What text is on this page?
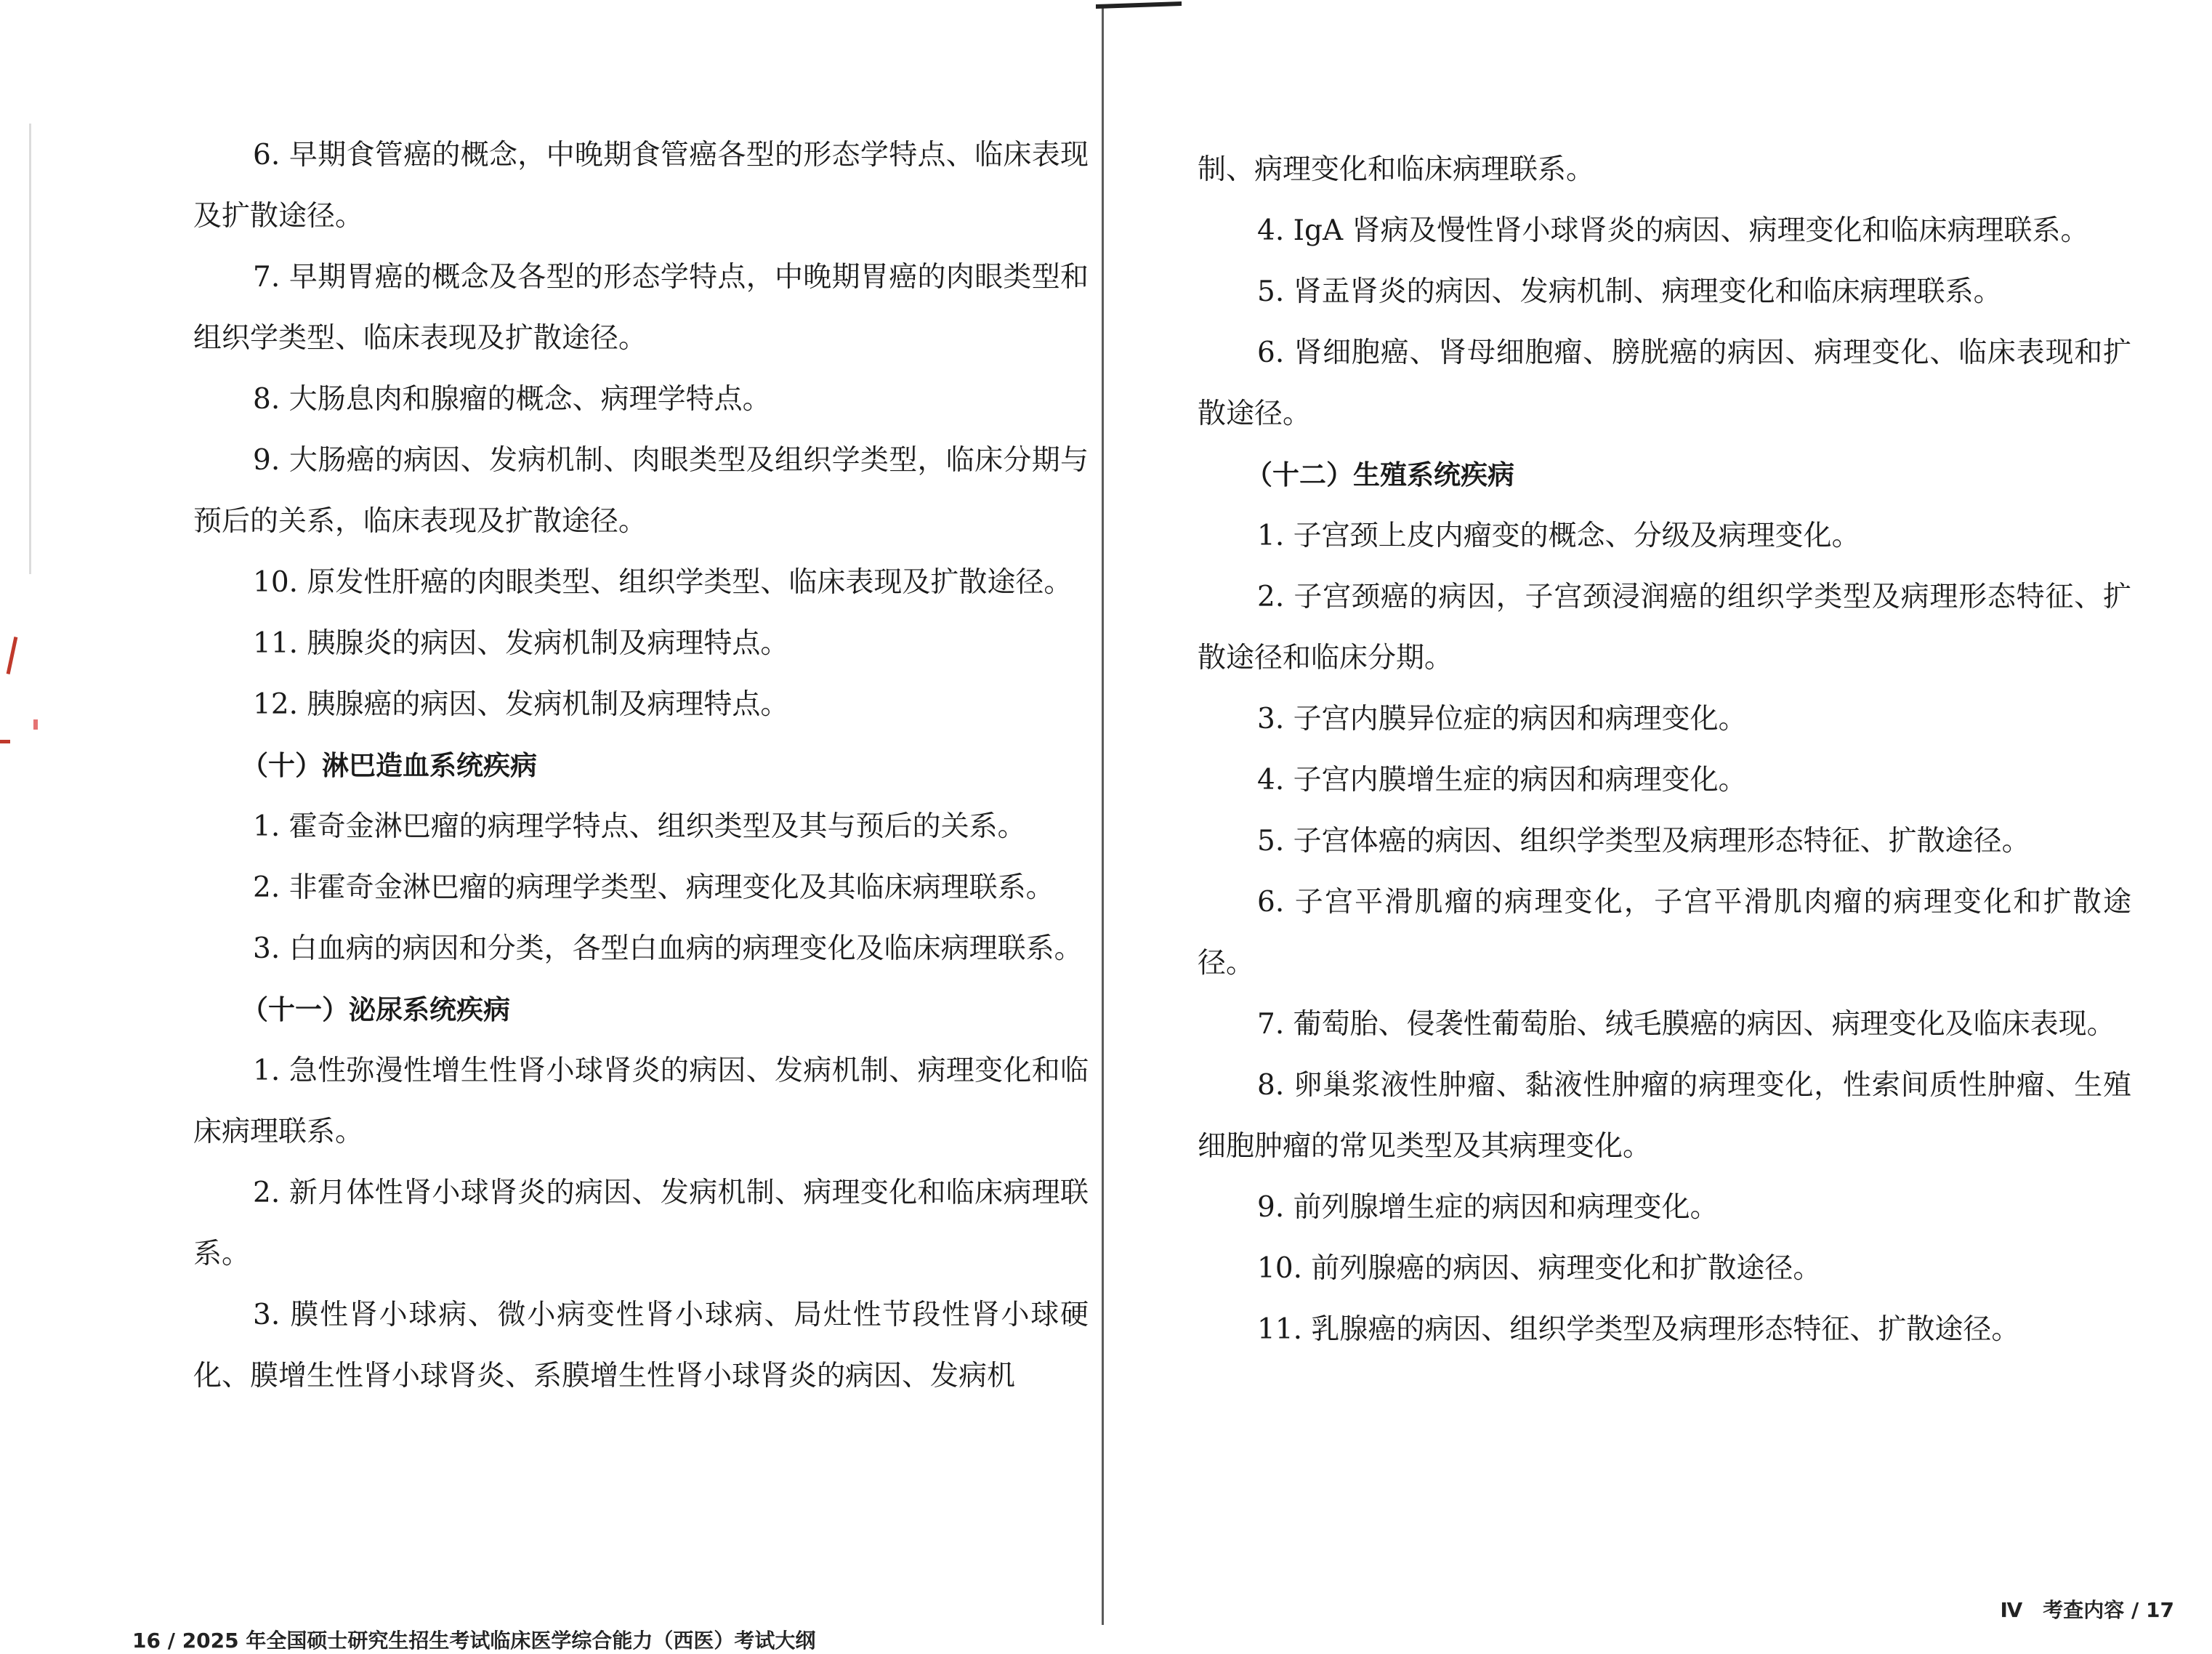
6. 早期食管癌的概念，中晚期食管癌各型的形态学特点、临床表现及扩散途径。

7. 早期胃癌的概念及各型的形态学特点，中晚期胃癌的肉眼类型和组织学类型、临床表现及扩散途径。

8. 大肠息肉和腺瘤的概念、病理学特点。

9. 大肠癌的病因、发病机制、肉眼类型及组织学类型，临床分期与预后的关系，临床表现及扩散途径。

10. 原发性肝癌的肉眼类型、组织学类型、临床表现及扩散途径。

11. 胰腺炎的病因、发病机制及病理特点。

12. 胰腺癌的病因、发病机制及病理特点。

（十）淋巴造血系统疾病

1. 霍奇金淋巴瘤的病理学特点、组织类型及其与预后的关系。

2. 非霍奇金淋巴瘤的病理学类型、病理变化及其临床病理联系。

3. 白血病的病因和分类，各型白血病的病理变化及临床病理联系。

（十一）泌尿系统疾病

1. 急性弥漫性增生性肾小球肾炎的病因、发病机制、病理变化和临床病理联系。

2. 新月体性肾小球肾炎的病因、发病机制、病理变化和临床病理联系。

3. 膜性肾小球病、微小病变性肾小球病、局灶性节段性肾小球硬化、膜增生性肾小球肾炎、系膜增生性肾小球肾炎的病因、发病机

16 / 2025 年全国硕士研究生招生考试临床医学综合能力（西医）考试大纲

制、病理变化和临床病理联系。

4. IgA 肾病及慢性肾小球肾炎的病因、病理变化和临床病理联系。

5. 肾盂肾炎的病因、发病机制、病理变化和临床病理联系。

6. 肾细胞癌、肾母细胞瘤、膀胱癌的病因、病理变化、临床表现和扩散途径。

（十二）生殖系统疾病

1. 子宫颈上皮内瘤变的概念、分级及病理变化。

2. 子宫颈癌的病因，子宫颈浸润癌的组织学类型及病理形态特征、扩散途径和临床分期。

3. 子宫内膜异位症的病因和病理变化。

4. 子宫内膜增生症的病因和病理变化。

5. 子宫体癌的病因、组织学类型及病理形态特征、扩散途径。

6. 子宫平滑肌瘤的病理变化，子宫平滑肌肉瘤的病理变化和扩散途径。

7. 葡萄胎、侵袭性葡萄胎、绒毛膜癌的病因、病理变化及临床表现。

8. 卵巢浆液性肿瘤、黏液性肿瘤的病理变化，性索间质性肿瘤、生殖细胞肿瘤的常见类型及其病理变化。

9. 前列腺增生症的病因和病理变化。

10. 前列腺癌的病因、病理变化和扩散途径。

11. 乳腺癌的病因、组织学类型及病理形态特征、扩散途径。

Ⅳ　考查内容 / 17
